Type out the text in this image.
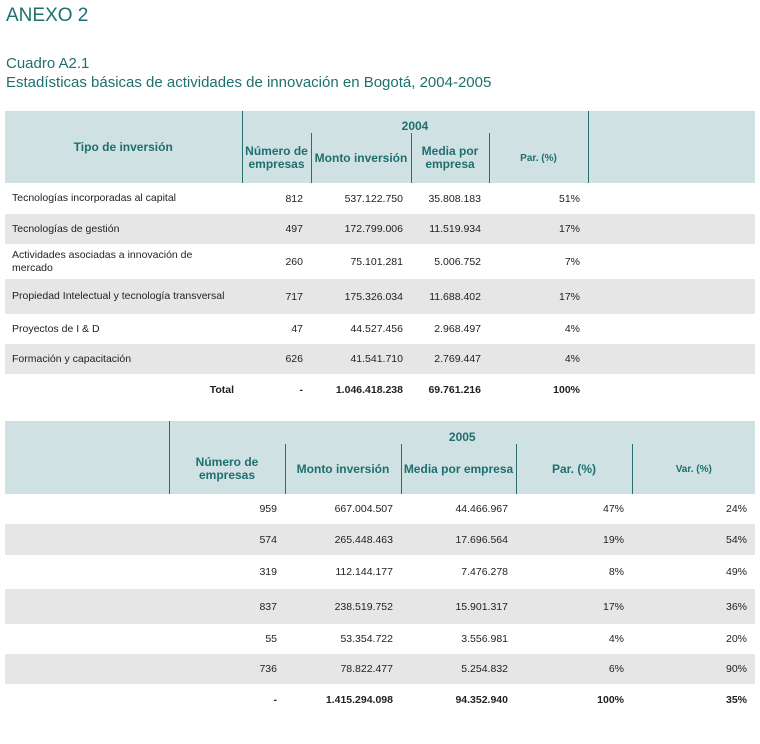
ANEXO 2
Cuadro A2.1
Estadísticas básicas de actividades de innovación en Bogotá, 2004-2005
Tipo de inversión	2004				
	Número de empresas	Monto inversión	Media por empresa	Par. (%)	
Tecnologías incorporadas al capital	812	537.122.750	35.808.183	51%	
Tecnologías de gestión	497	172.799.006	11.519.934	17%	
Actividades asociadas a innovación de mercado	260	75.101.281	5.006.752	7%	
Propiedad Intelectual y tecnología transversal	717	175.326.034	11.688.402	17%	
Proyectos de I & D	47	44.527.456	2.968.497	4%	
Formación y capacitación	626	41.541.710	2.769.447	4%	
Total	-	1.046.418.238	69.761.216	100%	
	2005				
	Número de empresas	Monto inversión	Media por empresa	Par. (%)	Var. (%)
	959	667.004.507	44.466.967	47%	24%
	574	265.448.463	17.696.564	19%	54%
	319	112.144.177	7.476.278	8%	49%
	837	238.519.752	15.901.317	17%	36%
	55	53.354.722	3.556.981	4%	20%
	736	78.822.477	5.254.832	6%	90%
	-	1.415.294.098	94.352.940	100%	35%
